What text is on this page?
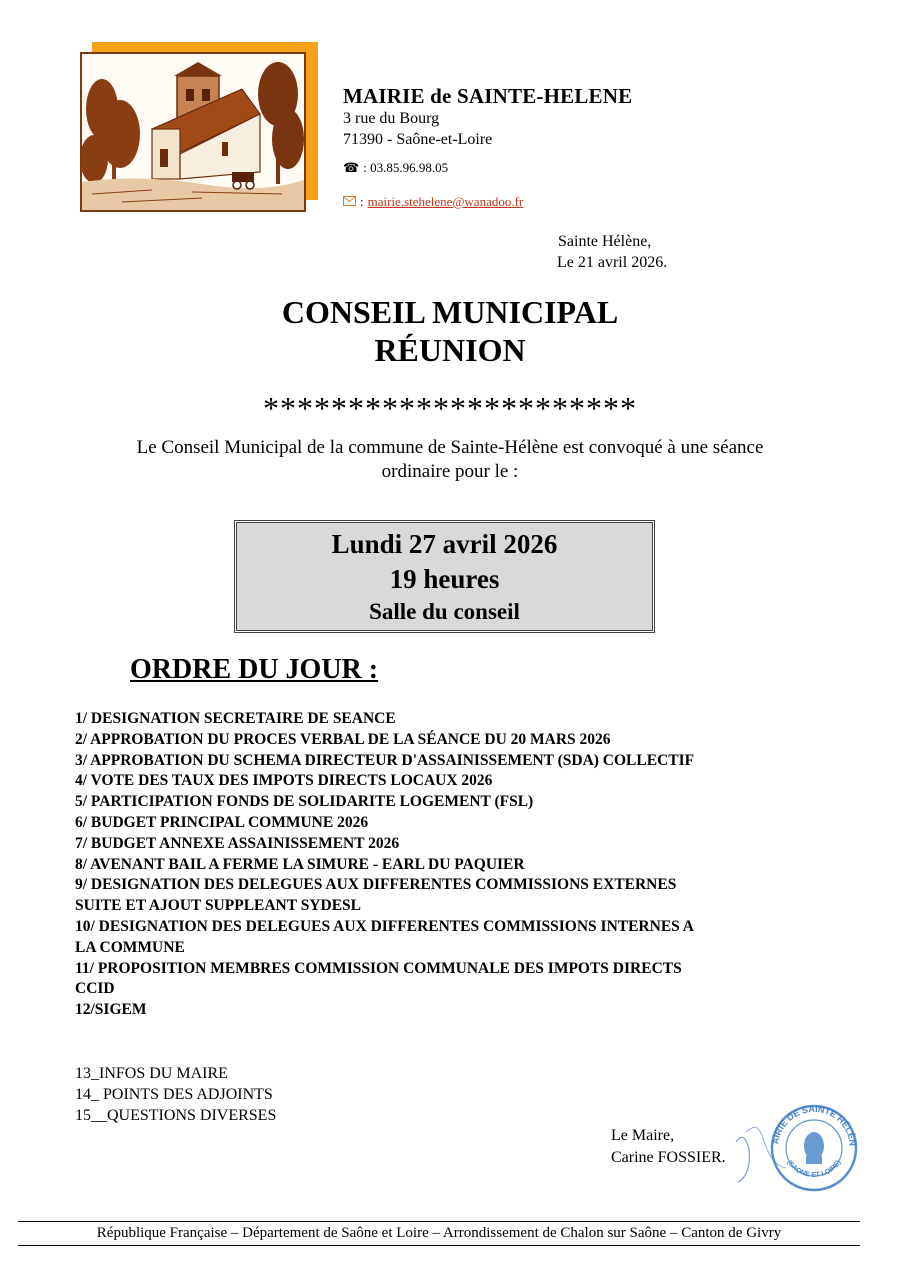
MAIRIE de SAINTE-HELENE
3 rue du Bourg
71390 - Saône-et-Loire
☎ : 03.85.96.98.05
: mairie.stehelene@wanadoo.fr
Sainte Hélène,
Le 21 avril 2026.
CONSEIL MUNICIPAL
RÉUNION
**********************
Le Conseil Municipal de la commune de Sainte-Hélène est convoqué à une séance
ordinaire pour le :
Lundi 27 avril 2026
19 heures
Salle du conseil
ORDRE DU JOUR :
1/ DESIGNATION SECRETAIRE DE SEANCE
2/ APPROBATION DU PROCES VERBAL DE LA SÉANCE DU 20 MARS 2026
3/ APPROBATION DU SCHEMA DIRECTEUR D'ASSAINISSEMENT (SDA) COLLECTIF
4/ VOTE DES TAUX DES IMPOTS DIRECTS LOCAUX 2026
5/ PARTICIPATION FONDS DE SOLIDARITE LOGEMENT (FSL)
6/ BUDGET PRINCIPAL COMMUNE 2026
7/ BUDGET ANNEXE ASSAINISSEMENT 2026
8/ AVENANT BAIL A FERME LA SIMURE - EARL DU PAQUIER
9/ DESIGNATION DES DELEGUES AUX DIFFERENTES COMMISSIONS EXTERNES
SUITE ET AJOUT SUPPLEANT SYDESL
10/ DESIGNATION DES DELEGUES AUX DIFFERENTES COMMISSIONS INTERNES A
LA COMMUNE
11/ PROPOSITION MEMBRES COMMISSION COMMUNALE DES IMPOTS DIRECTS
CCID
12/SIGEM
13_INFOS DU MAIRE
14_ POINTS DES ADJOINTS
15__QUESTIONS DIVERSES
AIRIE DE SAINTE HÉLÈN
(SAONE ET LOIRE)
Le Maire,
Carine FOSSIER.
République Française – Département de Saône et Loire – Arrondissement de Chalon sur Saône – Canton de Givry
